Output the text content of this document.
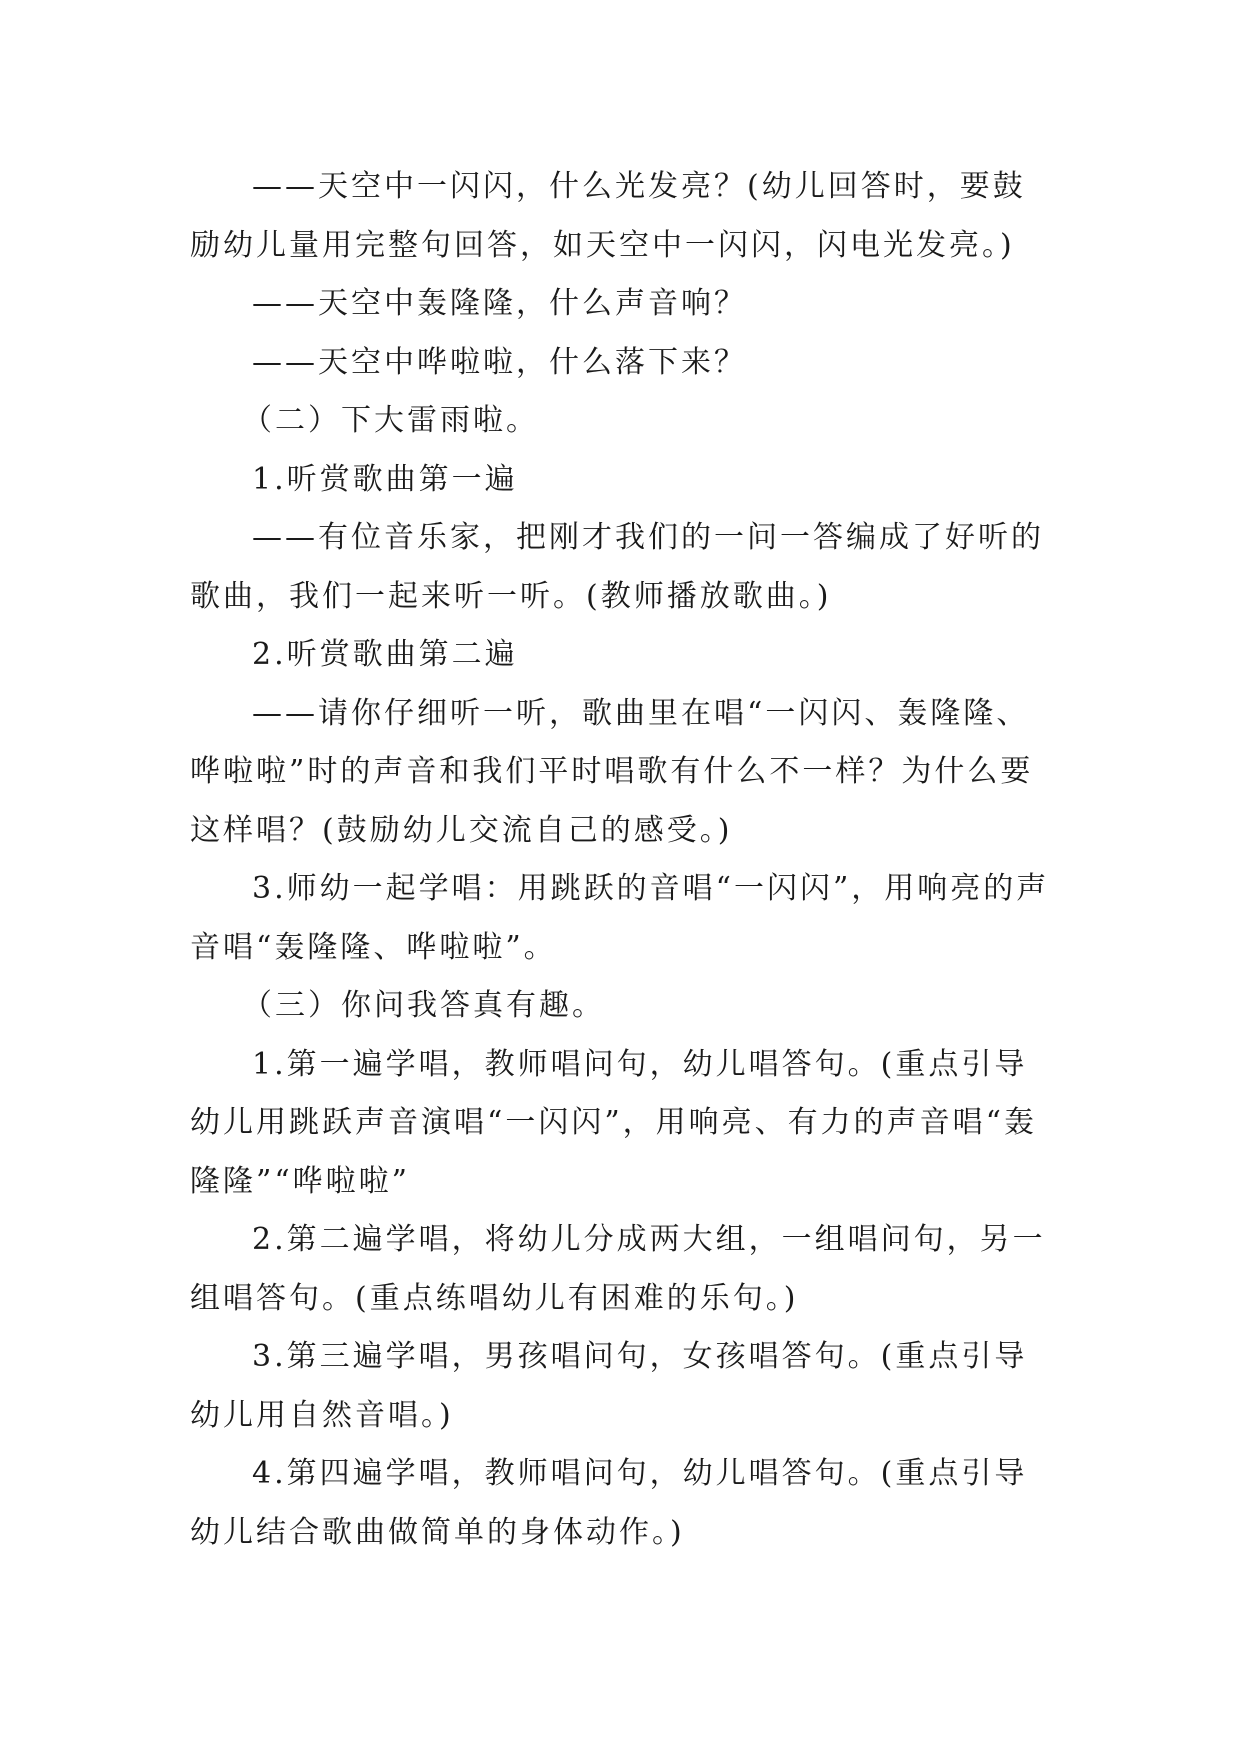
——天空中一闪闪，什么光发亮？(幼儿回答时，要鼓励幼儿量用完整句回答，如天空中一闪闪，闪电光发亮。)

——天空中轰隆隆，什么声音响？

——天空中哗啦啦，什么落下来？

（二）下大雷雨啦。

1.听赏歌曲第一遍

——有位音乐家，把刚才我们的一问一答编成了好听的歌曲，我们一起来听一听。(教师播放歌曲。)

2.听赏歌曲第二遍

——请你仔细听一听，歌曲里在唱“一闪闪、轰隆隆、哗啦啦”时的声音和我们平时唱歌有什么不一样？为什么要这样唱？(鼓励幼儿交流自己的感受。)

3.师幼一起学唱：用跳跃的音唱“一闪闪”，用响亮的声音唱“轰隆隆、哗啦啦”。

（三）你问我答真有趣。

1.第一遍学唱，教师唱问句，幼儿唱答句。(重点引导幼儿用跳跃声音演唱“一闪闪”，用响亮、有力的声音唱“轰隆隆”“哗啦啦”

2.第二遍学唱，将幼儿分成两大组，一组唱问句，另一组唱答句。(重点练唱幼儿有困难的乐句。)

3.第三遍学唱，男孩唱问句，女孩唱答句。(重点引导幼儿用自然音唱。)

4.第四遍学唱，教师唱问句，幼儿唱答句。(重点引导幼儿结合歌曲做简单的身体动作。)
